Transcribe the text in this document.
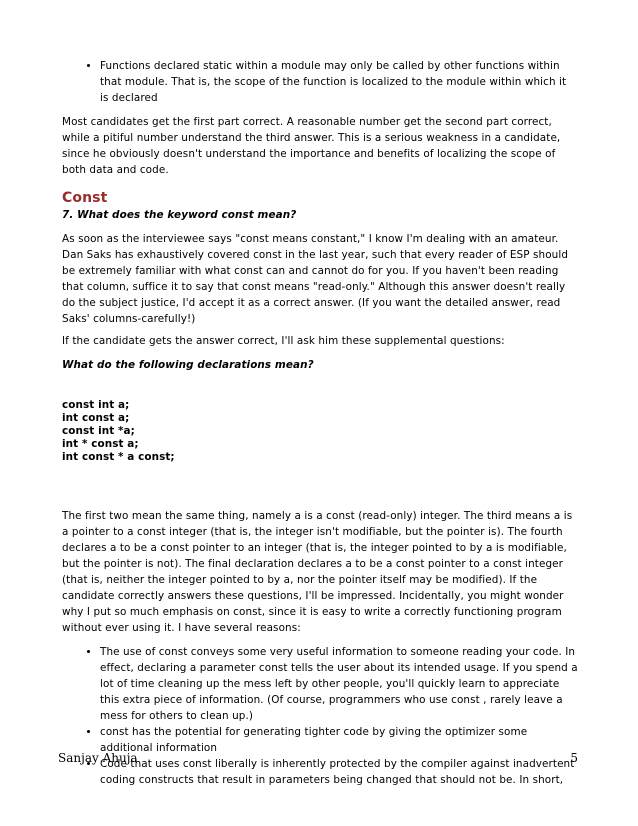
• Functions declared static within a module may only be called by other functions within that module. That is, the scope of the function is localized to the module within which it is declared

Most candidates get the first part correct. A reasonable number get the second part correct, while a pitiful number understand the third answer. This is a serious weakness in a candidate, since he obviously doesn't understand the importance and benefits of localizing the scope of both data and code.

Const
7. What does the keyword const mean?

As soon as the interviewee says "const means constant," I know I'm dealing with an amateur. Dan Saks has exhaustively covered const in the last year, such that every reader of ESP should be extremely familiar with what const can and cannot do for you. If you haven't been reading that column, suffice it to say that const means "read-only." Although this answer doesn't really do the subject justice, I'd accept it as a correct answer. (If you want the detailed answer, read Saks' columns-carefully!)

If the candidate gets the answer correct, I'll ask him these supplemental questions:

What do the following declarations mean?
const int a;
int const a;
const int *a;
int * const a;
int const * a const;

The first two mean the same thing, namely a is a const (read-only) integer. The third means a is a pointer to a const integer (that is, the integer isn't modifiable, but the pointer is). The fourth declares a to be a const pointer to an integer (that is, the integer pointed to by a is modifiable, but the pointer is not). The final declaration declares a to be a const pointer to a const integer (that is, neither the integer pointed to by a, nor the pointer itself may be modified). If the candidate correctly answers these questions, I'll be impressed. Incidentally, you might wonder why I put so much emphasis on const, since it is easy to write a correctly functioning program without ever using it. I have several reasons:

• The use of const conveys some very useful information to someone reading your code. In effect, declaring a parameter const tells the user about its intended usage. If you spend a lot of time cleaning up the mess left by other people, you'll quickly learn to appreciate this extra piece of information. (Of course, programmers who use const , rarely leave a mess for others to clean up.)
• const has the potential for generating tighter code by giving the optimizer some additional information
• Code that uses const liberally is inherently protected by the compiler against inadvertent coding constructs that result in parameters being changed that should not be. In short,
Sanjay Ahuja	5
